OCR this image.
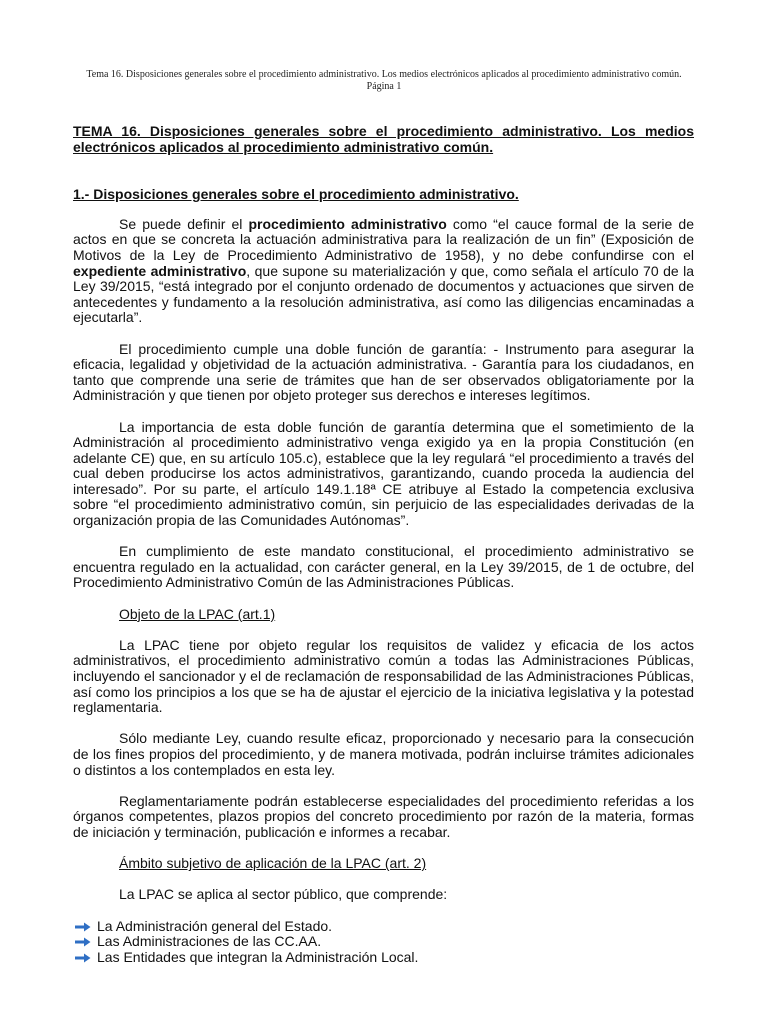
Tema 16. Disposiciones generales sobre el procedimiento administrativo. Los medios electrónicos aplicados al procedimiento administrativo común.
Página 1

TEMA 16. Disposiciones generales sobre el procedimiento administrativo. Los medios electrónicos aplicados al procedimiento administrativo común.

1.- Disposiciones generales sobre el procedimiento administrativo.

Se puede definir el procedimiento administrativo como “el cauce formal de la serie de actos en que se concreta la actuación administrativa para la realización de un fin” (Exposición de Motivos de la Ley de Procedimiento Administrativo de 1958), y no debe confundirse con el expediente administrativo, que supone su materialización y que, como señala el artículo 70 de la Ley 39/2015, “está integrado por el conjunto ordenado de documentos y actuaciones que sirven de antecedentes y fundamento a la resolución administrativa, así como las diligencias encaminadas a ejecutarla”.

El procedimiento cumple una doble función de garantía: - Instrumento para asegurar la eficacia, legalidad y objetividad de la actuación administrativa. - Garantía para los ciudadanos, en tanto que comprende una serie de trámites que han de ser observados obligatoriamente por la Administración y que tienen por objeto proteger sus derechos e intereses legítimos.

La importancia de esta doble función de garantía determina que el sometimiento de la Administración al procedimiento administrativo venga exigido ya en la propia Constitución (en adelante CE) que, en su artículo 105.c), establece que la ley regulará “el procedimiento a través del cual deben producirse los actos administrativos, garantizando, cuando proceda la audiencia del interesado”. Por su parte, el artículo 149.1.18ª CE atribuye al Estado la competencia exclusiva sobre “el procedimiento administrativo común, sin perjuicio de las especialidades derivadas de la organización propia de las Comunidades Autónomas”.

En cumplimiento de este mandato constitucional, el procedimiento administrativo se encuentra regulado en la actualidad, con carácter general, en la Ley 39/2015, de 1 de octubre, del Procedimiento Administrativo Común de las Administraciones Públicas.

Objeto de la LPAC (art.1)

La LPAC tiene por objeto regular los requisitos de validez y eficacia de los actos administrativos, el procedimiento administrativo común a todas las Administraciones Públicas, incluyendo el sancionador y el de reclamación de responsabilidad de las Administraciones Públicas, así como los principios a los que se ha de ajustar el ejercicio de la iniciativa legislativa y la potestad reglamentaria.

Sólo mediante Ley, cuando resulte eficaz, proporcionado y necesario para la consecución de los fines propios del procedimiento, y de manera motivada, podrán incluirse trámites adicionales o distintos a los contemplados en esta ley.

Reglamentariamente podrán establecerse especialidades del procedimiento referidas a los órganos competentes, plazos propios del concreto procedimiento por razón de la materia, formas de iniciación y terminación, publicación e informes a recabar.

Ámbito subjetivo de aplicación de la LPAC (art. 2)

La LPAC se aplica al sector público, que comprende:

La Administración general del Estado.
Las Administraciones de las CC.AA.
Las Entidades que integran la Administración Local.
